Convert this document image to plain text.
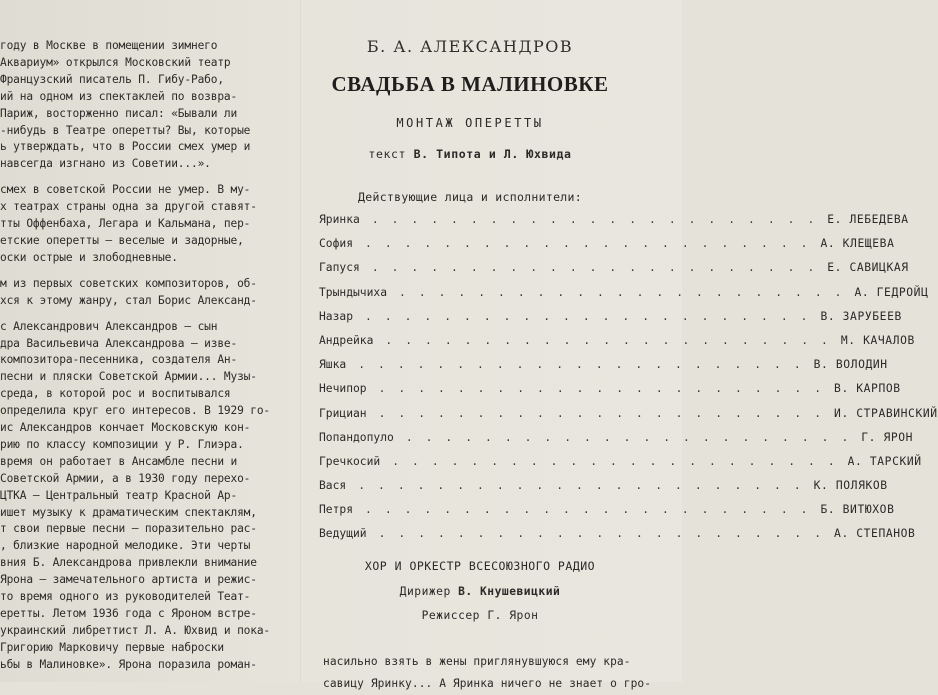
году в Москве в помещении зимнего
Аквариум» открылся Московский театр
Французский писатель П. Гибу-Рабо,
ий на одном из спектаклей по возвра-
Париж, восторженно писал: «Бывали ли
-нибудь в Театре оперетты? Вы, которые
ь утверждать, что в России смех умер и
навсегда изгнано из Советии...».
смех в советской России не умер. В му-
х театрах страны одна за другой ставят-
тты Оффенбаха, Легара и Кальмана, пер-
етские оперетты — веселые и задорные,
оски острые и злободневные.
м из первых советских композиторов, об-
хся к этому жанру, стал Борис Александ-
с Александрович Александров — сын
дра Васильевича Александрова — изве-
композитора-песенника, создателя Ан-
песни и пляски Советской Армии... Музы-
среда, в которой рос и воспитывался
определила круг его интересов. В 1929 го-
ис Александров кончает Московскую кон-
рию по классу композиции у Р. Глиэра.
время он работает в Ансамбле песни и
Советской Армии, а в 1930 году перехо-
ЦТКА — Центральный театр Красной Ар-
ишет музыку к драматическим спектаклям,
т свои первые песни — поразительно рас-
, близкие народной мелодике. Эти черты
вния Б. Александрова привлекли внимание
Ярона — замечательного артиста и режис-
то время одного из руководителей Теат-
еретты. Летом 1936 года с Яроном встре-
украинский либреттист Л. А. Юхвид и пока-
Григорию Марковичу первые наброски
ьбы в Малиновке». Ярона поразила роман-
Б. А. АЛЕКСАНДРОВ
СВАДЬБА В МАЛИНОВКЕ
МОНТАЖ ОПЕРЕТТЫ
текст В. Типота и Л. Юхвида
Действующие лица и исполнители:
Яринка	....................... Е. ЛЕБЕДЕВА
София	....................... А. КЛЕЩЕВА
Гапуся	....................... Е. САВИЦКАЯ
Трындычиха	....................... А. ГЕДРОЙЦ
Назар	....................... В. ЗАРУБЕЕВ
Андрейка	....................... М. КАЧАЛОВ
Яшка	....................... В. ВОЛОДИН
Нечипор	....................... В. КАРПОВ
Грициан	....................... И. СТРАВИНСКИЙ
Попандопуло	....................... Г. ЯРОН
Гречкосий	....................... А. ТАРСКИЙ
Вася	....................... К. ПОЛЯКОВ
Петря	....................... Б. ВИТЮХОВ
Ведущий	....................... А. СТЕПАНОВ
ХОР И ОРКЕСТР ВСЕСОЮЗНОГО РАДИО
Дирижер В. Кнушевицкий
Режиссер Г. Ярон
насильно взять в жены приглянувшуюся ему кра-
савицу Яринку... А Яринка ничего не знает о гро-
